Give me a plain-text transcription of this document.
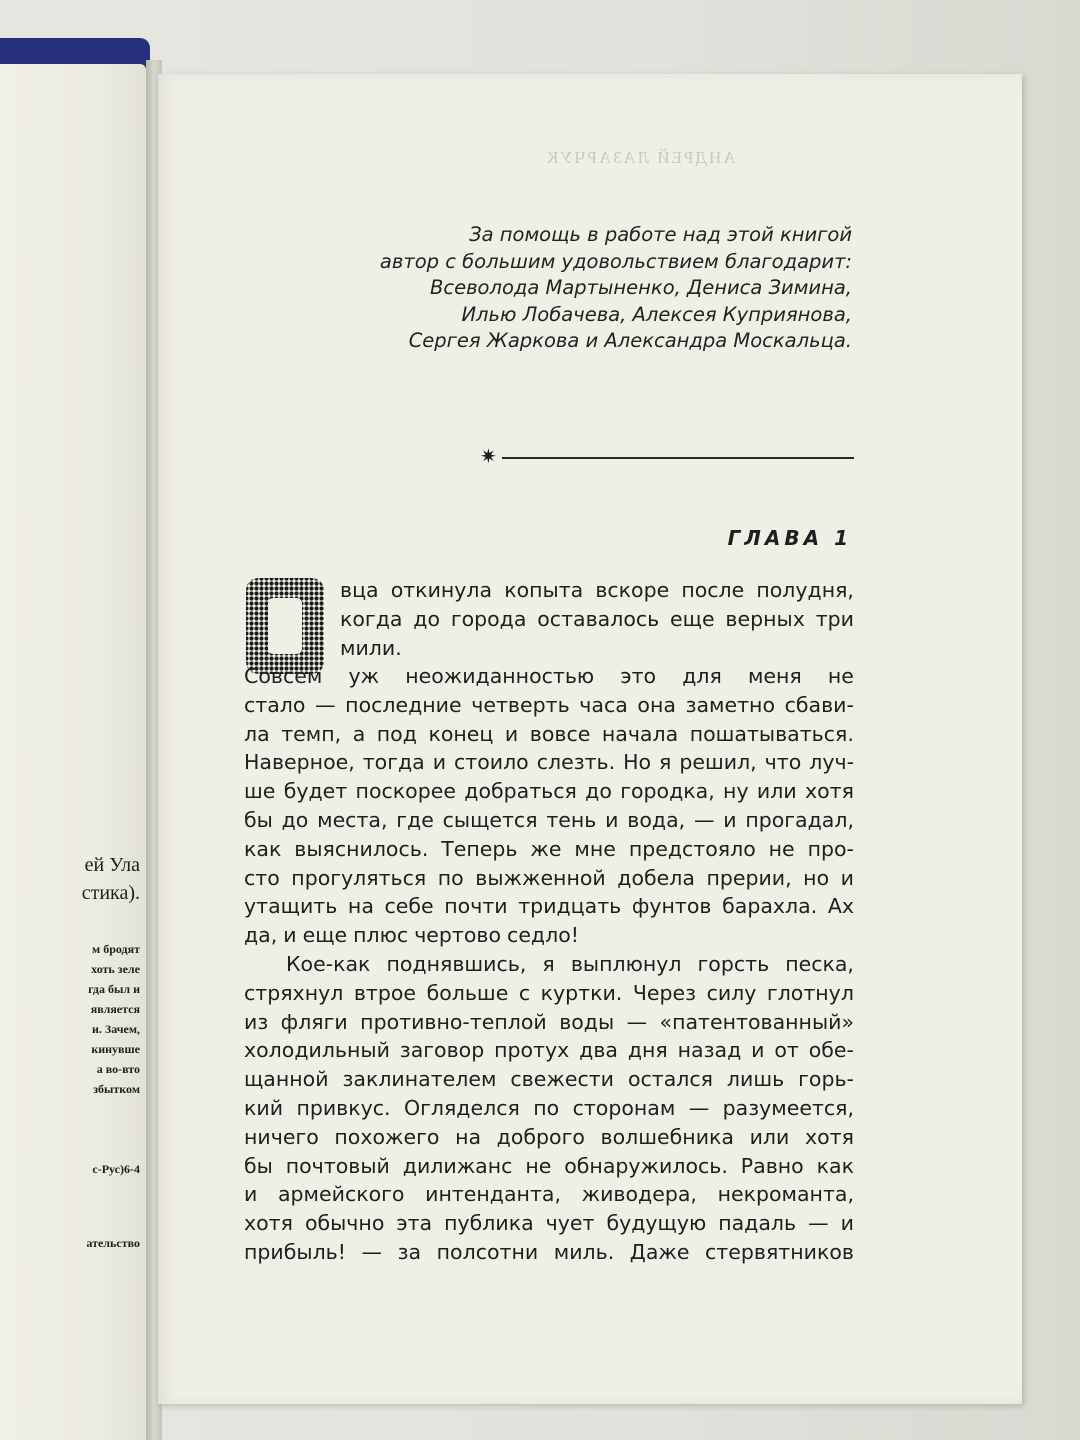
ей Ула
стика).
м бродят
хоть зеле
гда был и
является
и. Зачем,
кинувше
а во-вто
збытком
с-Рус)6-4
ательство
АНДРЕЙ ЛАЗАРЧУК
За помощь в работе над этой книгой
автор с большим удовольствием благодарит:
Всеволода Мартыненко, Дениса Зимина,
Илью Лобачева, Алексея Куприянова,
Сергея Жаркова и Александра Москальца.
✷
ГЛАВА 1
вца откинула копыта вскоре после полудня,
когда до города оставалось еще верных три
мили.
Совсем уж неожиданностью это для меня не
стало — последние четверть часа она заметно сбави-
ла темп, а под конец и вовсе начала пошатываться.
Наверное, тогда и стоило слезть. Но я решил, что луч-
ше будет поскорее добраться до городка, ну или хотя
бы до места, где сыщется тень и вода, — и прогадал,
как выяснилось. Теперь же мне предстояло не про-
сто прогуляться по выжженной добела прерии, но и
утащить на себе почти тридцать фунтов барахла. Ах
да, и еще плюс чертово седло!
Кое-как поднявшись, я выплюнул горсть песка,
стряхнул втрое больше с куртки. Через силу глотнул
из фляги противно-теплой воды — «патентованный»
холодильный заговор протух два дня назад и от обе-
щанной заклинателем свежести остался лишь горь-
кий привкус. Огляделся по сторонам — разумеется,
ничего похожего на доброго волшебника или хотя
бы почтовый дилижанс не обнаружилось. Равно как
и армейского интенданта, живодера, некроманта,
хотя обычно эта публика чует будущую падаль — и
прибыль! — за полсотни миль. Даже стервятников
